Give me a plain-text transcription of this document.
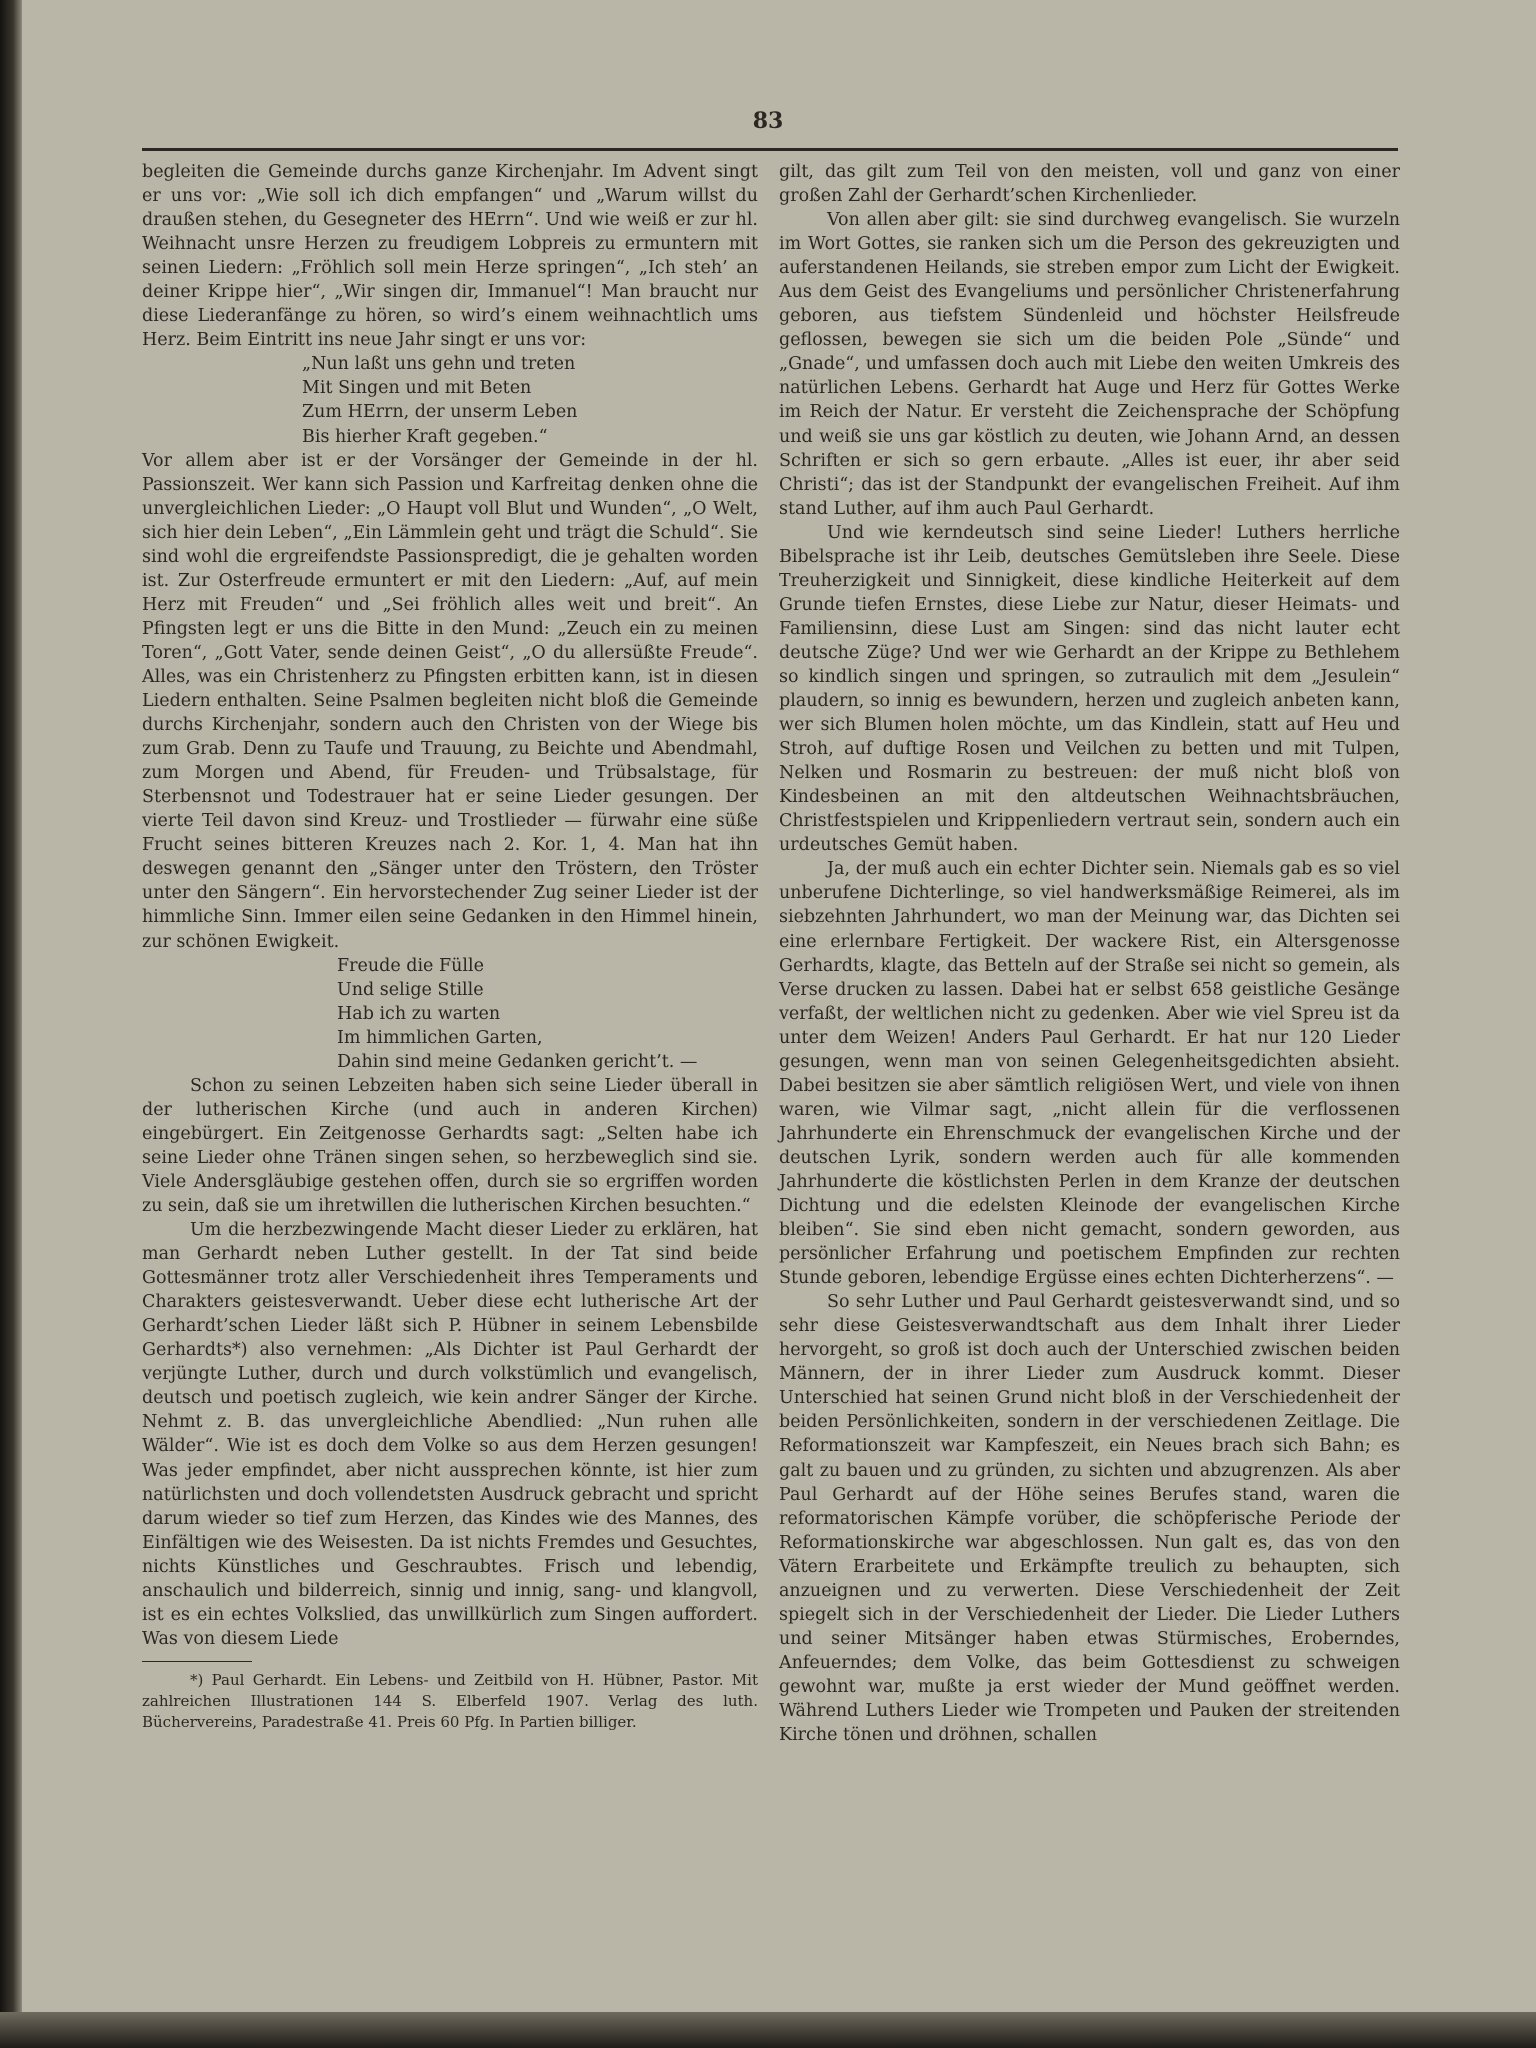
83

begleiten die Gemeinde durchs ganze Kirchenjahr. Im Advent singt er uns vor: „Wie soll ich dich empfangen“ und „Warum willst du draußen stehen, du Gesegneter des HErrn“. Und wie weiß er zur hl. Weihnacht unsre Herzen zu freudigem Lobpreis zu ermuntern mit seinen Liedern: „Fröhlich soll mein Herze springen“, „Ich steh’ an deiner Krippe hier“, „Wir singen dir, Immanuel“! Man braucht nur diese Liederanfänge zu hören, so wird’s einem weihnachtlich ums Herz. Beim Eintritt ins neue Jahr singt er uns vor:

„Nun laßt uns gehn und treten
Mit Singen und mit Beten
Zum HErrn, der unserm Leben
Bis hierher Kraft gegeben.“

Vor allem aber ist er der Vorsänger der Gemeinde in der hl. Passionszeit. Wer kann sich Passion und Karfreitag denken ohne die unvergleichlichen Lieder: „O Haupt voll Blut und Wunden“, „O Welt, sich hier dein Leben“, „Ein Lämmlein geht und trägt die Schuld“. Sie sind wohl die ergreifendste Passionspredigt, die je gehalten worden ist. Zur Osterfreude ermuntert er mit den Liedern: „Auf, auf mein Herz mit Freuden“ und „Sei fröhlich alles weit und breit“. An Pfingsten legt er uns die Bitte in den Mund: „Zeuch ein zu meinen Toren“, „Gott Vater, sende deinen Geist“, „O du allersüßte Freude“. Alles, was ein Christenherz zu Pfingsten erbitten kann, ist in diesen Liedern enthalten. Seine Psalmen begleiten nicht bloß die Gemeinde durchs Kirchenjahr, sondern auch den Christen von der Wiege bis zum Grab. Denn zu Taufe und Trauung, zu Beichte und Abendmahl, zum Morgen und Abend, für Freuden- und Trübsalstage, für Sterbensnot und Todestrauer hat er seine Lieder gesungen. Der vierte Teil davon sind Kreuz- und Trostlieder — fürwahr eine süße Frucht seines bitteren Kreuzes nach 2. Kor. 1, 4. Man hat ihn deswegen genannt den „Sänger unter den Tröstern, den Tröster unter den Sängern“. Ein hervorstechender Zug seiner Lieder ist der himmliche Sinn. Immer eilen seine Gedanken in den Himmel hinein, zur schönen Ewigkeit.

Freude die Fülle
Und selige Stille
Hab ich zu warten
Im himmlichen Garten,
Dahin sind meine Gedanken gericht’t. —

Schon zu seinen Lebzeiten haben sich seine Lieder überall in der lutherischen Kirche (und auch in anderen Kirchen) eingebürgert. Ein Zeitgenosse Gerhardts sagt: „Selten habe ich seine Lieder ohne Tränen singen sehen, so herzbeweglich sind sie. Viele Andersgläubige gestehen offen, durch sie so ergriffen worden zu sein, daß sie um ihretwillen die lutherischen Kirchen besuchten.“

Um die herzbezwingende Macht dieser Lieder zu erklären, hat man Gerhardt neben Luther gestellt. In der Tat sind beide Gottesmänner trotz aller Verschiedenheit ihres Temperaments und Charakters geistesverwandt. Ueber diese echt lutherische Art der Gerhardt’schen Lieder läßt sich P. Hübner in seinem Lebensbilde Gerhardts*) also vernehmen: „Als Dichter ist Paul Gerhardt der verjüngte Luther, durch und durch volkstümlich und evangelisch, deutsch und poetisch zugleich, wie kein andrer Sänger der Kirche. Nehmt z. B. das unvergleichliche Abendlied: „Nun ruhen alle Wälder“. Wie ist es doch dem Volke so aus dem Herzen gesungen! Was jeder empfindet, aber nicht aussprechen könnte, ist hier zum natürlichsten und doch vollendetsten Ausdruck gebracht und spricht darum wieder so tief zum Herzen, das Kindes wie des Mannes, des Einfältigen wie des Weisesten. Da ist nichts Fremdes und Gesuchtes, nichts Künstliches und Geschraubtes. Frisch und lebendig, anschaulich und bilderreich, sinnig und innig, sang- und klangvoll, ist es ein echtes Volkslied, das unwillkürlich zum Singen auffordert. Was von diesem Liede

*) Paul Gerhardt. Ein Lebens- und Zeitbild von H. Hübner, Pastor. Mit zahlreichen Illustrationen 144 S. Elberfeld 1907. Verlag des luth. Büchervereins, Paradestraße 41. Preis 60 Pfg. In Partien billiger.

gilt, das gilt zum Teil von den meisten, voll und ganz von einer großen Zahl der Gerhardt’schen Kirchenlieder.

Von allen aber gilt: sie sind durchweg evangelisch. Sie wurzeln im Wort Gottes, sie ranken sich um die Person des gekreuzigten und auferstandenen Heilands, sie streben empor zum Licht der Ewigkeit. Aus dem Geist des Evangeliums und persönlicher Christenerfahrung geboren, aus tiefstem Sündenleid und höchster Heilsfreude geflossen, bewegen sie sich um die beiden Pole „Sünde“ und „Gnade“, und umfassen doch auch mit Liebe den weiten Umkreis des natürlichen Lebens. Gerhardt hat Auge und Herz für Gottes Werke im Reich der Natur. Er versteht die Zeichensprache der Schöpfung und weiß sie uns gar köstlich zu deuten, wie Johann Arnd, an dessen Schriften er sich so gern erbaute. „Alles ist euer, ihr aber seid Christi“; das ist der Standpunkt der evangelischen Freiheit. Auf ihm stand Luther, auf ihm auch Paul Gerhardt.

Und wie kerndeutsch sind seine Lieder! Luthers herrliche Bibelsprache ist ihr Leib, deutsches Gemütsleben ihre Seele. Diese Treuherzigkeit und Sinnigkeit, diese kindliche Heiterkeit auf dem Grunde tiefen Ernstes, diese Liebe zur Natur, dieser Heimats- und Familiensinn, diese Lust am Singen: sind das nicht lauter echt deutsche Züge? Und wer wie Gerhardt an der Krippe zu Bethlehem so kindlich singen und springen, so zutraulich mit dem „Jesulein“ plaudern, so innig es bewundern, herzen und zugleich anbeten kann, wer sich Blumen holen möchte, um das Kindlein, statt auf Heu und Stroh, auf duftige Rosen und Veilchen zu betten und mit Tulpen, Nelken und Rosmarin zu bestreuen: der muß nicht bloß von Kindesbeinen an mit den altdeutschen Weihnachtsbräuchen, Christfestspielen und Krippenliedern vertraut sein, sondern auch ein urdeutsches Gemüt haben.

Ja, der muß auch ein echter Dichter sein. Niemals gab es so viel unberufene Dichterlinge, so viel handwerksmäßige Reimerei, als im siebzehnten Jahrhundert, wo man der Meinung war, das Dichten sei eine erlernbare Fertigkeit. Der wackere Rist, ein Altersgenosse Gerhardts, klagte, das Betteln auf der Straße sei nicht so gemein, als Verse drucken zu lassen. Dabei hat er selbst 658 geistliche Gesänge verfaßt, der weltlichen nicht zu gedenken. Aber wie viel Spreu ist da unter dem Weizen! Anders Paul Gerhardt. Er hat nur 120 Lieder gesungen, wenn man von seinen Gelegenheitsgedichten absieht. Dabei besitzen sie aber sämtlich religiösen Wert, und viele von ihnen waren, wie Vilmar sagt, „nicht allein für die verflossenen Jahrhunderte ein Ehrenschmuck der evangelischen Kirche und der deutschen Lyrik, sondern werden auch für alle kommenden Jahrhunderte die köstlichsten Perlen in dem Kranze der deutschen Dichtung und die edelsten Kleinode der evangelischen Kirche bleiben“. Sie sind eben nicht gemacht, sondern geworden, aus persönlicher Erfahrung und poetischem Empfinden zur rechten Stunde geboren, lebendige Ergüsse eines echten Dichterherzens“. —

So sehr Luther und Paul Gerhardt geistesverwandt sind, und so sehr diese Geistesverwandtschaft aus dem Inhalt ihrer Lieder hervorgeht, so groß ist doch auch der Unterschied zwischen beiden Männern, der in ihrer Lieder zum Ausdruck kommt. Dieser Unterschied hat seinen Grund nicht bloß in der Verschiedenheit der beiden Persönlichkeiten, sondern in der verschiedenen Zeitlage. Die Reformationszeit war Kampfeszeit, ein Neues brach sich Bahn; es galt zu bauen und zu gründen, zu sichten und abzugrenzen. Als aber Paul Gerhardt auf der Höhe seines Berufes stand, waren die reformatorischen Kämpfe vorüber, die schöpferische Periode der Reformationskirche war abgeschlossen. Nun galt es, das von den Vätern Erarbeitete und Erkämpfte treulich zu behaupten, sich anzueignen und zu verwerten. Diese Verschiedenheit der Zeit spiegelt sich in der Verschiedenheit der Lieder. Die Lieder Luthers und seiner Mitsänger haben etwas Stürmisches, Eroberndes, Anfeuerndes; dem Volke, das beim Gottesdienst zu schweigen gewohnt war, mußte ja erst wieder der Mund geöffnet werden. Während Luthers Lieder wie Trompeten und Pauken der streitenden Kirche tönen und dröhnen, schallen
